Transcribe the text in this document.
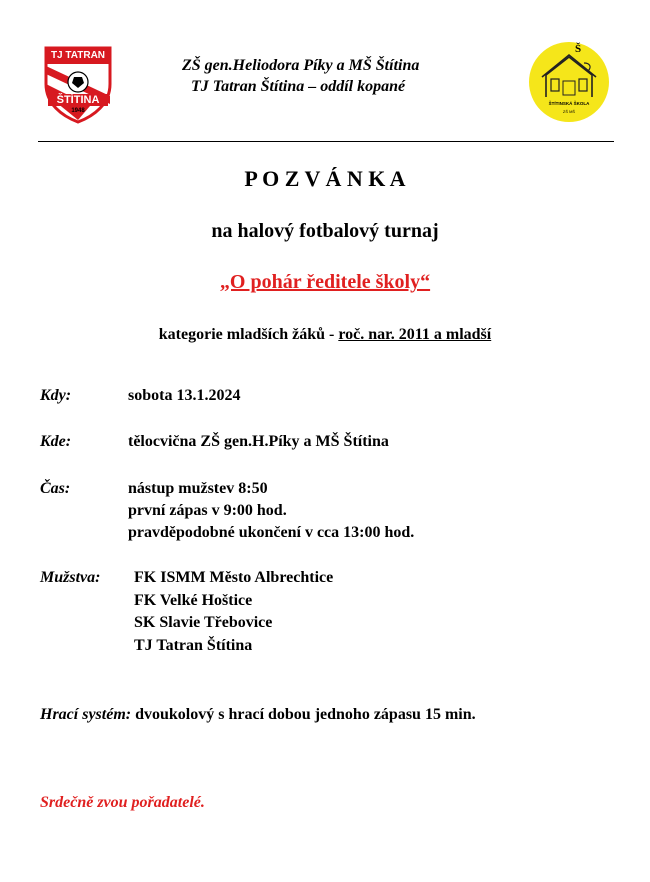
TJ TATRAN
ŠTÍTINA
1948
ZŠ gen.Heliodora Píky a MŠ Štítina
TJ Tatran Štítina – oddíl kopané
Š
ŠTÍTINSKÁ ŠKOLA
ZŠ MŠ
P O Z V Á N K A
na halový fotbalový turnaj
„O pohár ředitele školy“
kategorie mladších žáků - roč. nar. 2011 a mladší
Kdy:	sobota 13.1.2024
Kde:	tělocvična ZŠ gen.H.Píky a MŠ Štítina
Čas:	nástup mužstev 8:50
první zápas v 9:00 hod.
pravděpodobné ukončení v cca 13:00 hod.
Mužstva: FK ISMM Město Albrechtice
FK Velké Hoštice
SK Slavie Třebovice
TJ Tatran Štítina
Hrací systém: dvoukolový s hrací dobou jednoho zápasu 15 min.
Srdečně zvou pořadatelé.
